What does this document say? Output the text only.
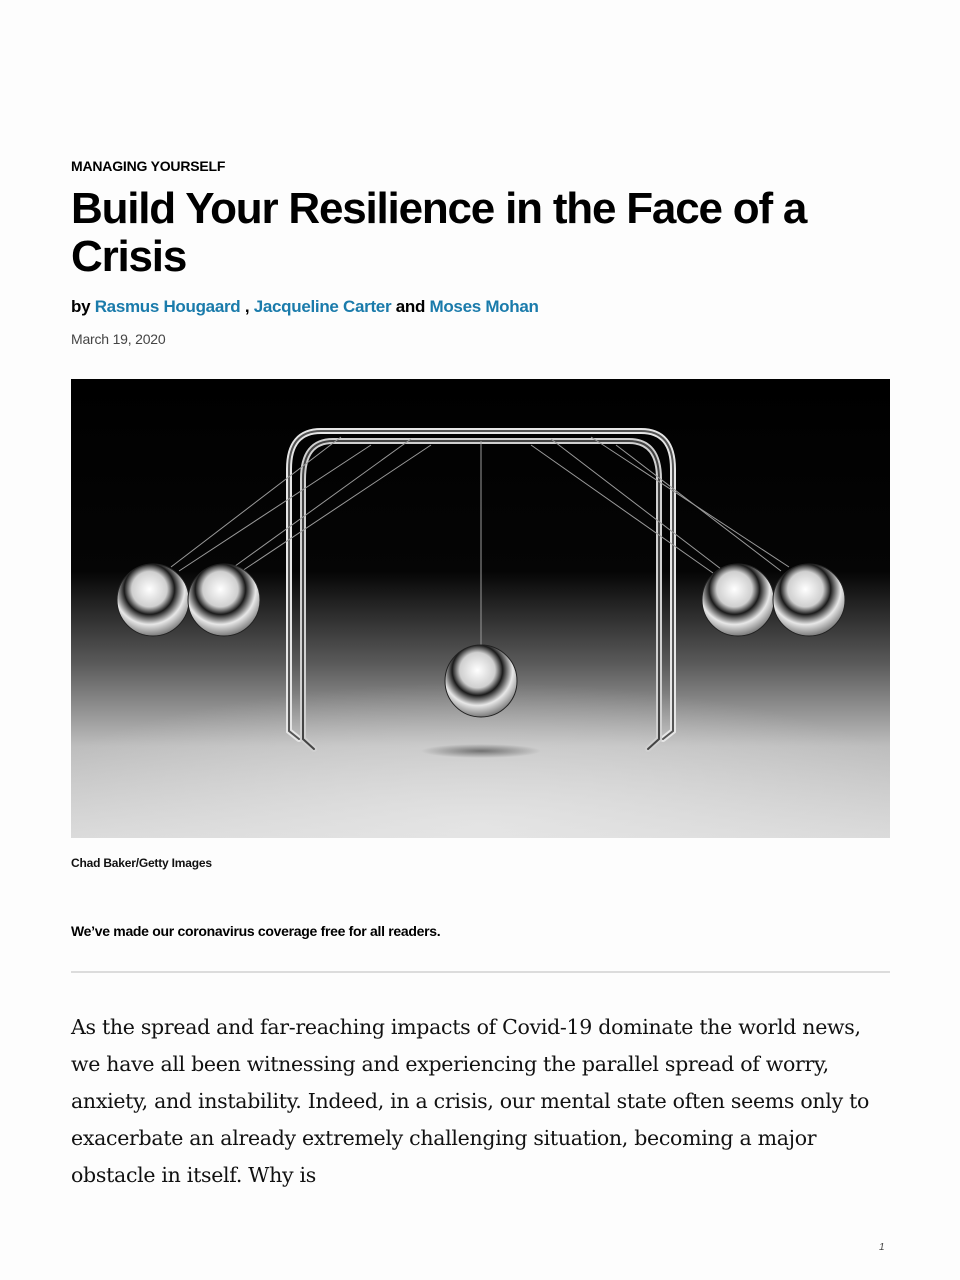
MANAGING YOURSELF
Build Your Resilience in the Face of a Crisis
by Rasmus Hougaard , Jacqueline Carter and Moses Mohan
March 19, 2020
Chad Baker/Getty Images
We’ve made our coronavirus coverage free for all readers.

As the spread and far-reaching impacts of Covid-19 dominate the world news, we have all been witnessing and experiencing the parallel spread of worry, anxiety, and instability. Indeed, in a crisis, our mental state often seems only to exacerbate an already extremely challenging situation, becoming a major obstacle in itself. Why is

1
